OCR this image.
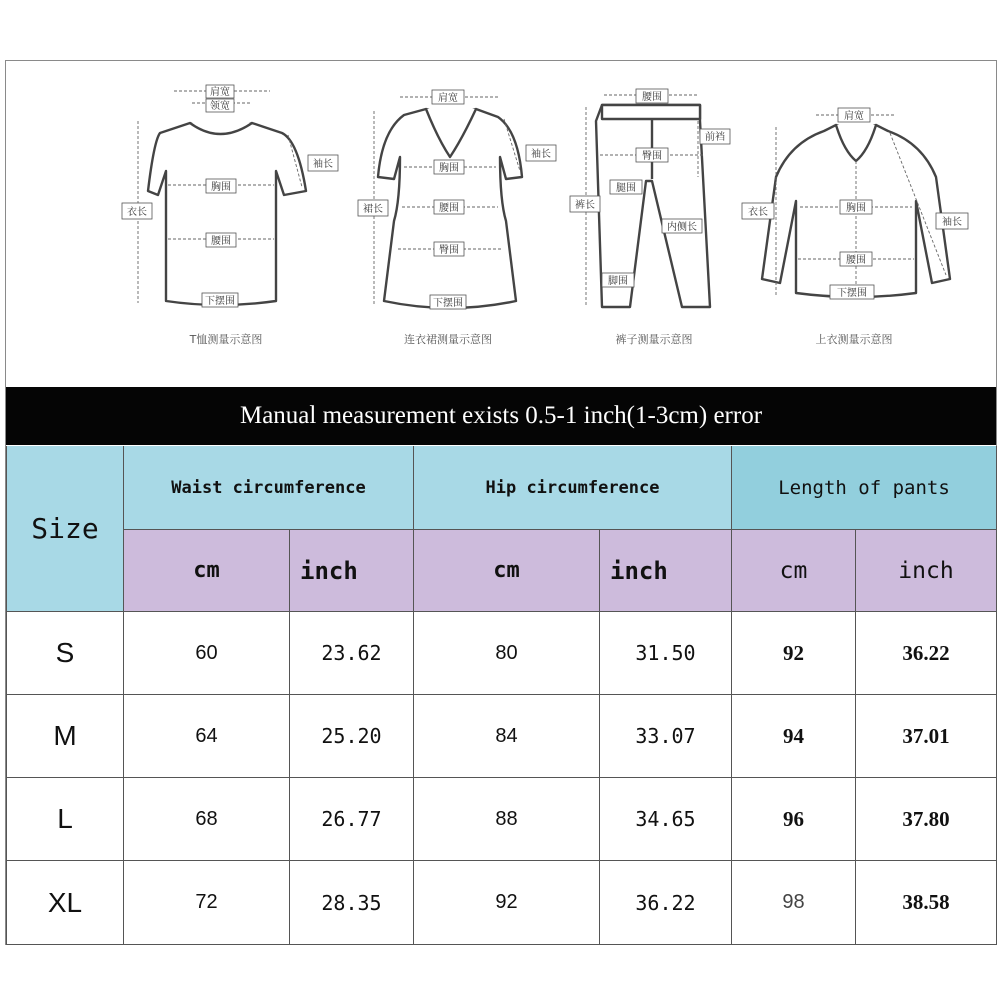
肩宽
领宽
袖长
衣长
胸围
腰围
下摆围
T恤测量示意图
肩宽
袖长
裙长
胸围
腰围
臀围
下摆围
连衣裙测量示意图
腰围
前裆
臀围
裤长
腿围
内侧长
脚围
裤子测量示意图
肩宽
衣长	胸围
袖长
腰围
下摆围
上衣测量示意图
Manual measurement exists 0.5-1 inch(1-3cm) error
Size
Waist circumference	Hip circumference	Length of pants
cm	inch	cm	inch	cm	inch
S	60	23.62	80	31.50	92	36.22
M	64	25.20	84	33.07	94	37.01
L	68	26.77	88	34.65	96	37.80
XL	72	28.35	92	36.22	98	38.58
